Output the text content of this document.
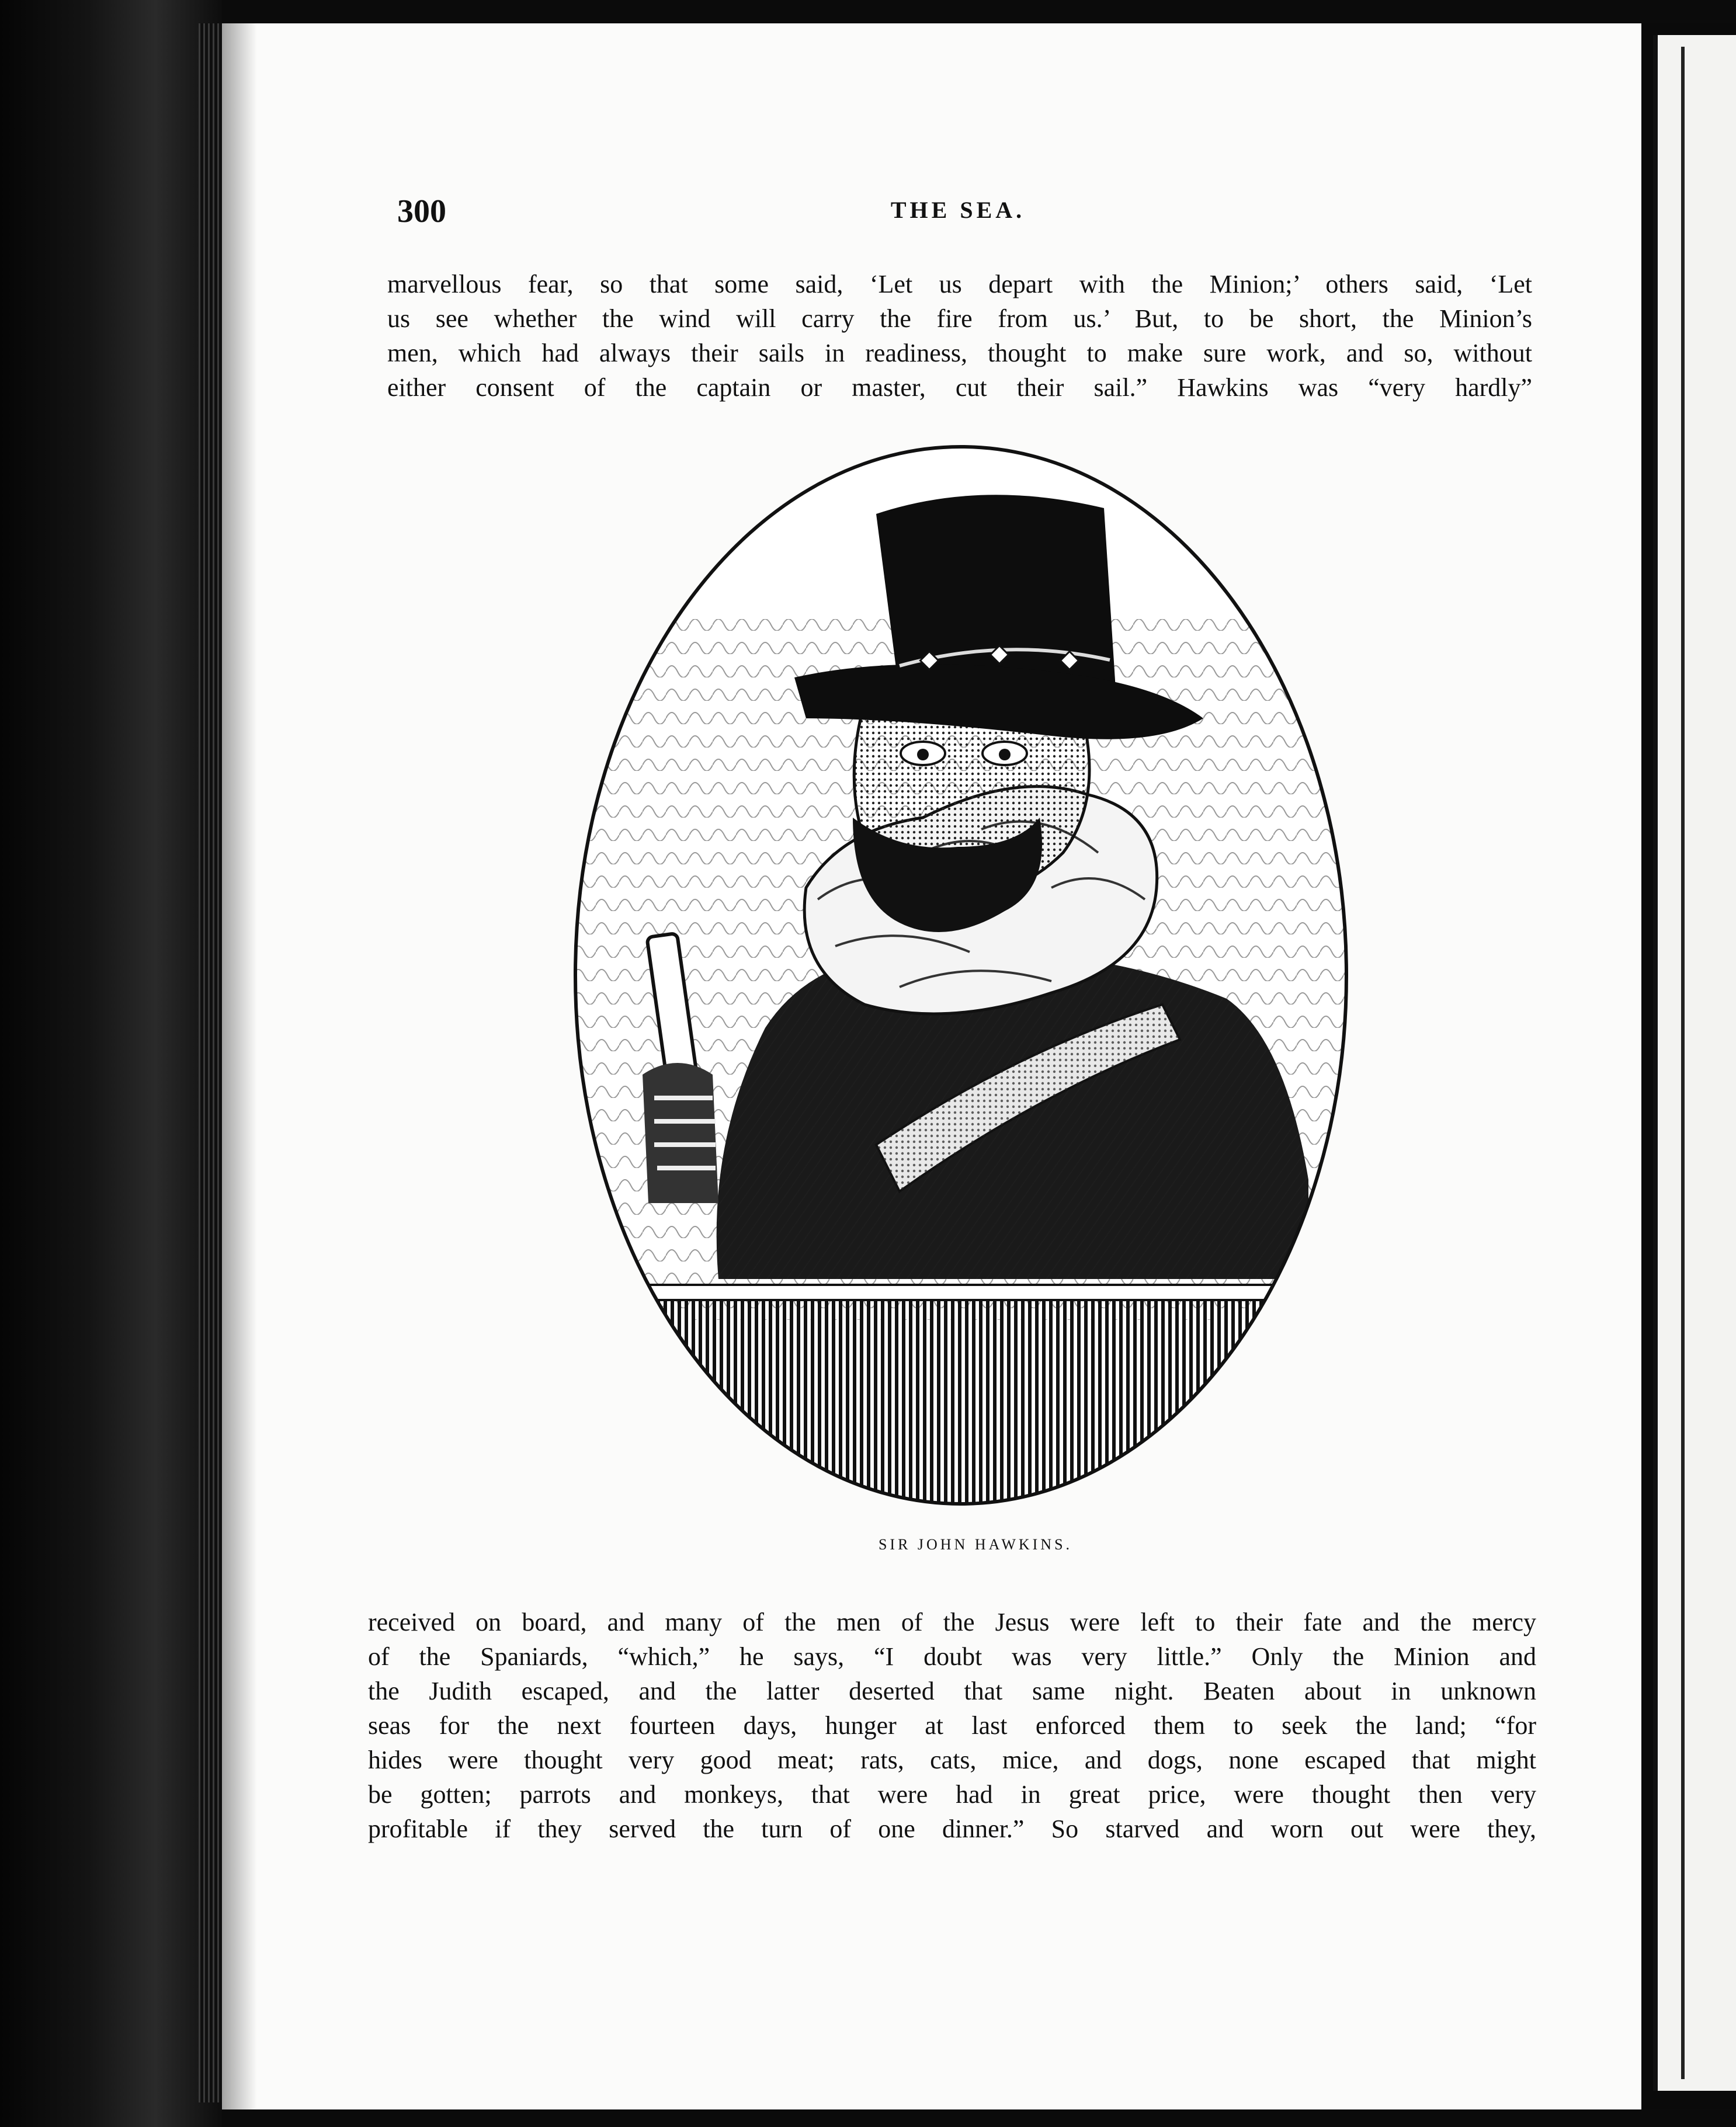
300	THE SEA.
marvellous fear, so that some said, ‘Let us depart with the Minion;’ others said, ‘Let
us see whether the wind will carry the fire from us.’ But, to be short, the Minion’s
men, which had always their sails in readiness, thought to make sure work, and so, without
either consent of the captain or master, cut their sail.” Hawkins was “very hardly”
SIR JOHN HAWKINS.
received on board, and many of the men of the Jesus were left to their fate and the mercy
of the Spaniards, “which,” he says, “I doubt was very little.” Only the Minion and
the Judith escaped, and the latter deserted that same night. Beaten about in unknown
seas for the next fourteen days, hunger at last enforced them to seek the land; “for
hides were thought very good meat; rats, cats, mice, and dogs, none escaped that might
be gotten; parrots and monkeys, that were had in great price, were thought then very
profitable if they served the turn of one dinner.” So starved and worn out were they,
